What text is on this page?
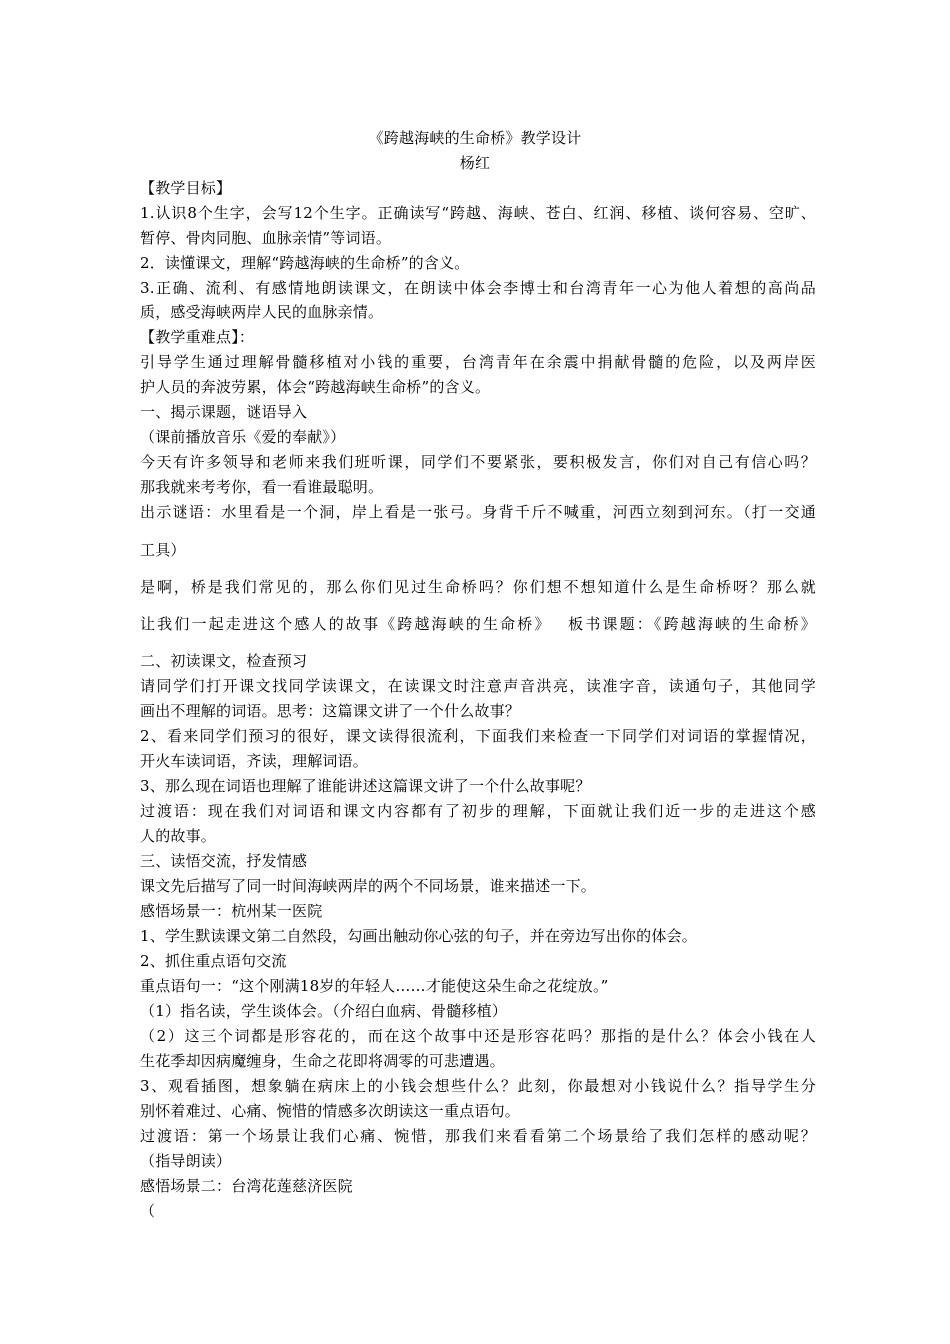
《跨越海峡的生命桥》教学设计
杨红
【教学目标】
1.认识8个生字，会写12个生字。正确读写“跨越、海峡、苍白、红润、移植、谈何容易、空旷、
暂停、骨肉同胞、血脉亲情”等词语。
2．读懂课文，理解“跨越海峡的生命桥”的含义。
3.正确、流利、有感情地朗读课文，在朗读中体会李博士和台湾青年一心为他人着想的高尚品
质，感受海峡两岸人民的血脉亲情。
【教学重难点】：
引导学生通过理解骨髓移植对小钱的重要，台湾青年在余震中捐献骨髓的危险，以及两岸医
护人员的奔波劳累，体会“跨越海峡生命桥”的含义。
一、揭示课题，谜语导入
（课前播放音乐《爱的奉献》）
今天有许多领导和老师来我们班听课，同学们不要紧张，要积极发言，你们对自己有信心吗？
那我就来考考你，看一看谁最聪明。
出示谜语：水里看是一个洞，岸上看是一张弓。身背千斤不喊重，河西立刻到河东。（打一交通
工具）
是啊，桥是我们常见的，那么你们见过生命桥吗？你们想不想知道什么是生命桥呀？那么就
让我们一起走进这个感人的故事《跨越海峡的生命桥》　 板书课题：《跨越海峡的生命桥》
二、初读课文，检查预习
请同学们打开课文找同学读课文，在读课文时注意声音洪亮，读准字音，读通句子，其他同学
画出不理解的词语。思考：这篇课文讲了一个什么故事？
2、看来同学们预习的很好，课文读得很流利，下面我们来检查一下同学们对词语的掌握情况，
开火车读词语，齐读，理解词语。
3、那么现在词语也理解了谁能讲述这篇课文讲了一个什么故事呢？
过渡语：现在我们对词语和课文内容都有了初步的理解，下面就让我们近一步的走进这个感
人的故事。
三、读悟交流，抒发情感
课文先后描写了同一时间海峡两岸的两个不同场景，谁来描述一下。
感悟场景一：杭州某一医院
1、学生默读课文第二自然段，勾画出触动你心弦的句子，并在旁边写出你的体会。
2、抓住重点语句交流
重点语句一：“这个刚满18岁的年轻人……才能使这朵生命之花绽放。”
（1）指名读，学生谈体会。（介绍白血病、骨髓移植）
（2）这三个词都是形容花的，而在这个故事中还是形容花吗？那指的是什么？体会小钱在人
生花季却因病魔缠身，生命之花即将凋零的可悲遭遇。
3、观看插图，想象躺在病床上的小钱会想些什么？此刻，你最想对小钱说什么？指导学生分
别怀着难过、心痛、惋惜的情感多次朗读这一重点语句。
过渡语：第一个场景让我们心痛、惋惜，那我们来看看第二个场景给了我们怎样的感动呢？
（指导朗读）
感悟场景二：台湾花莲慈济医院
（
